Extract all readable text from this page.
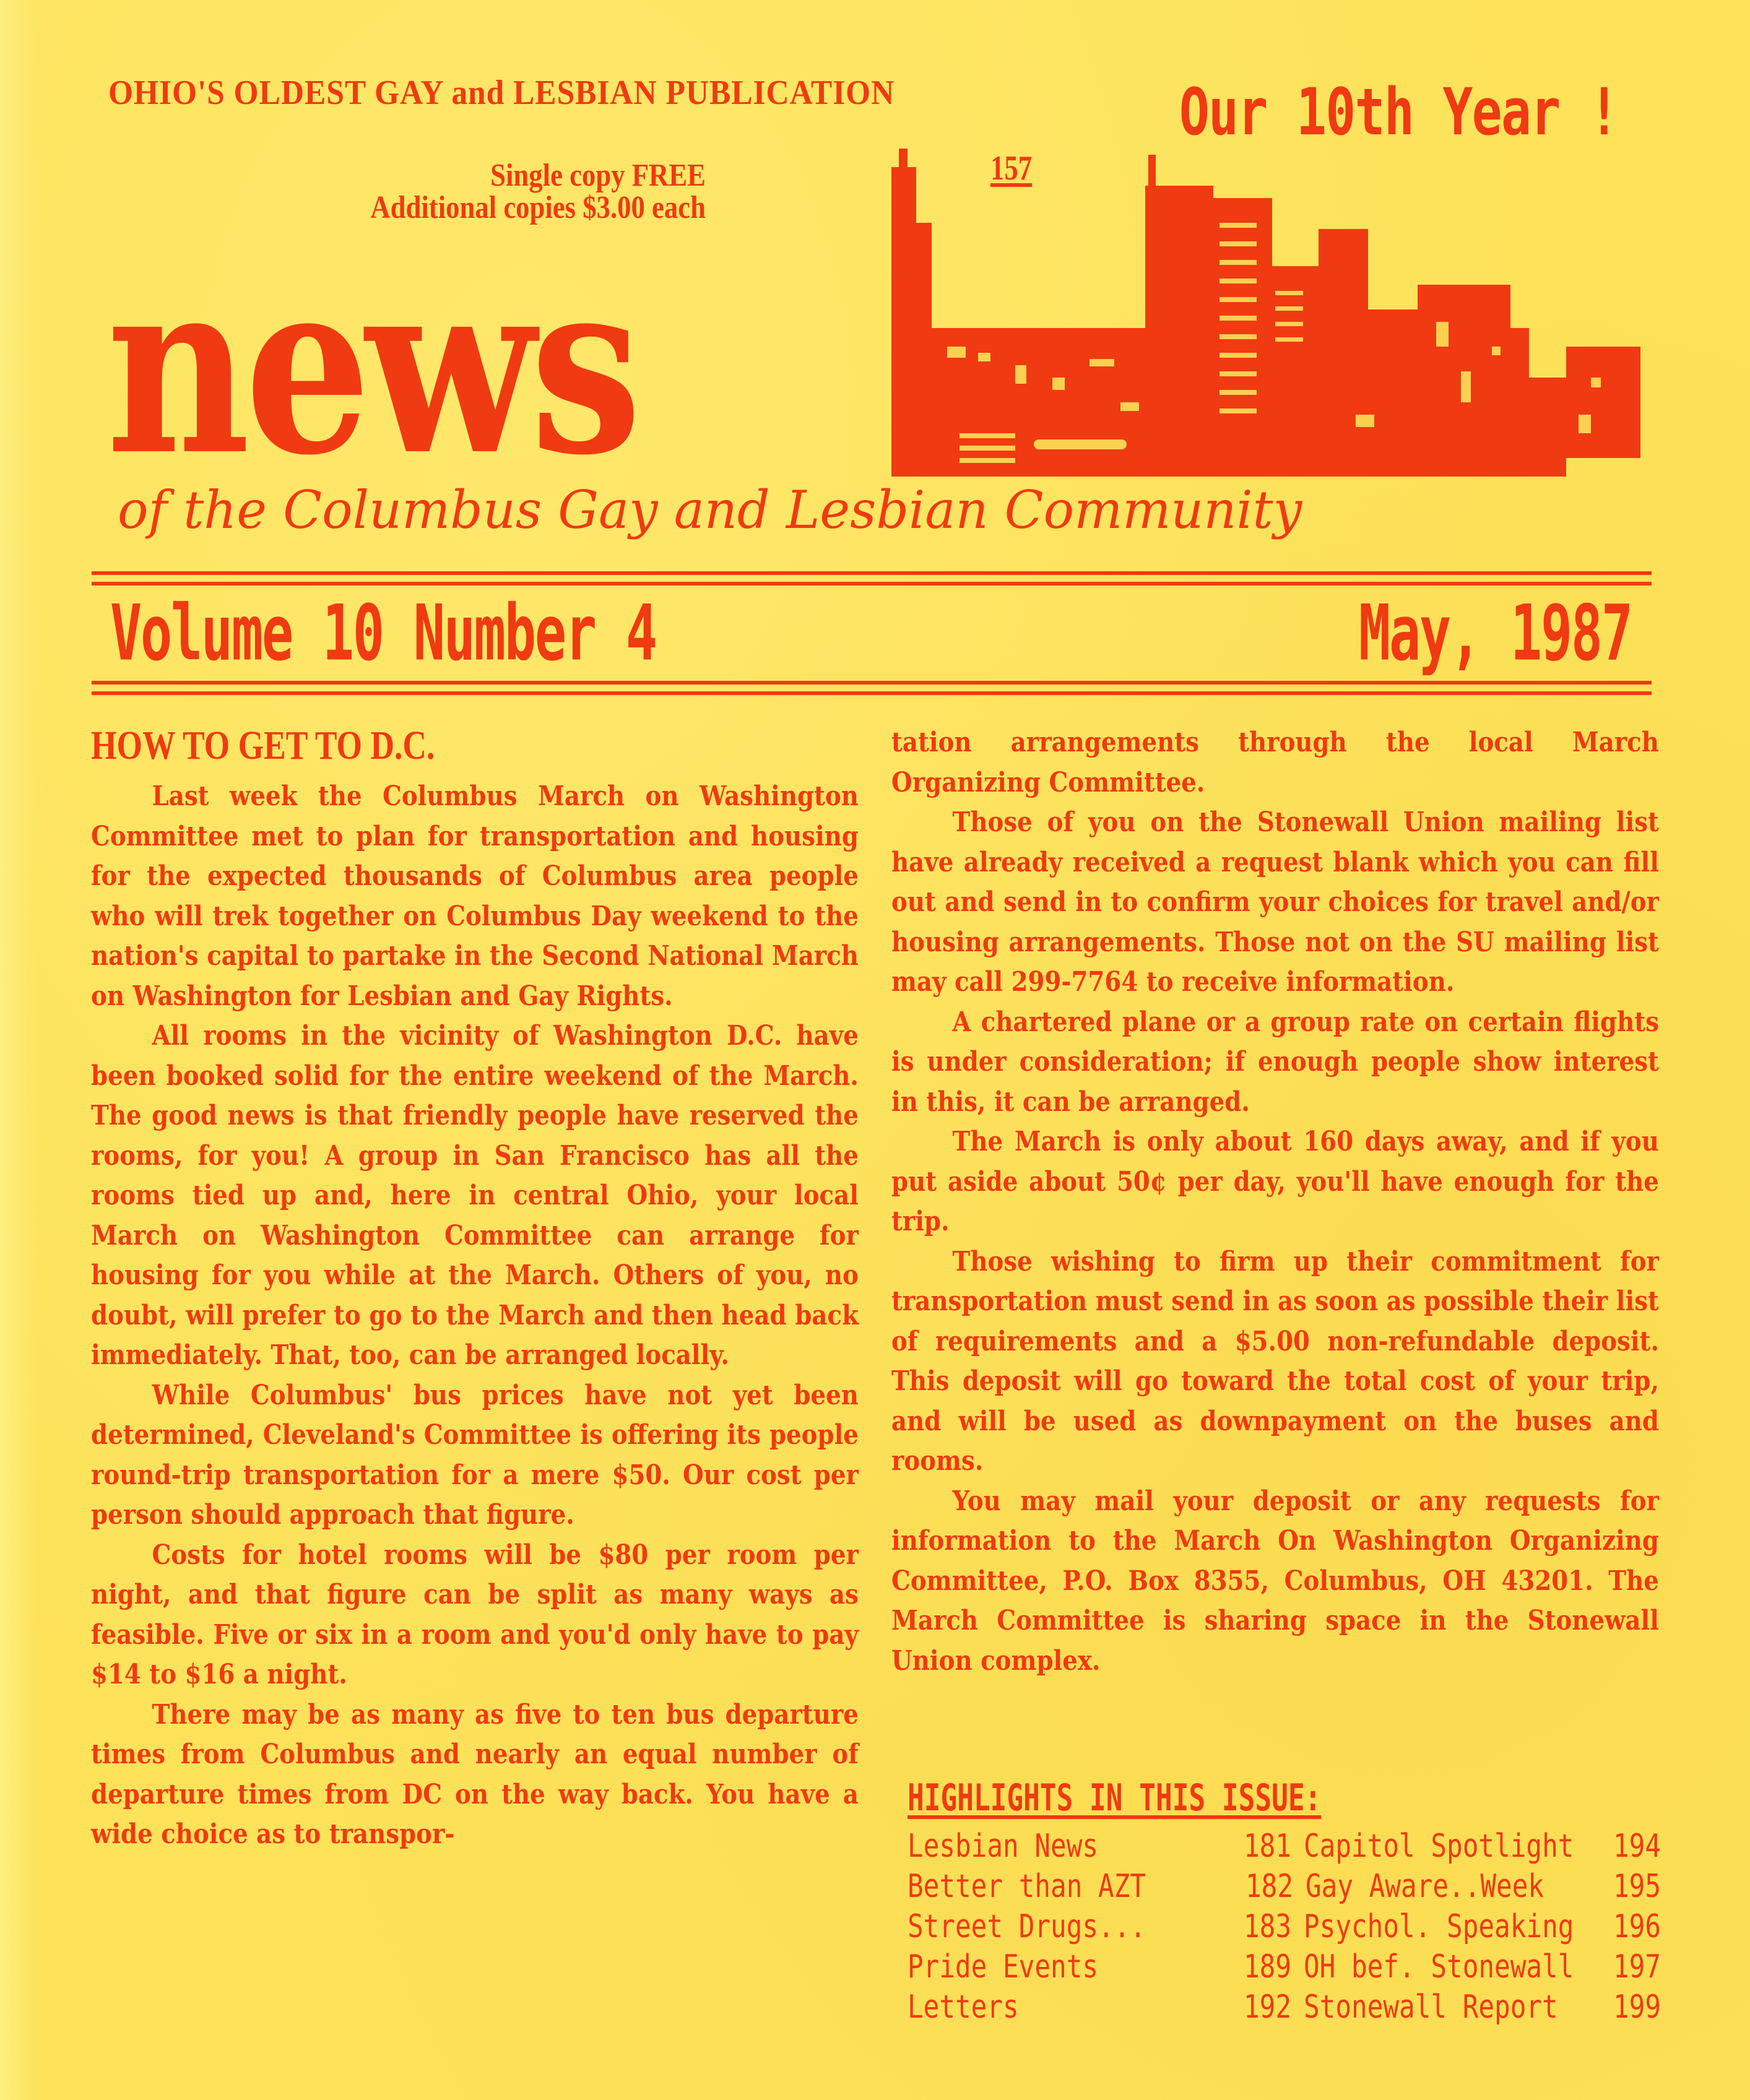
OHIO'S OLDEST GAY and LESBIAN PUBLICATION	Our 10th Year !
Single copy FREE
Additional copies $3.00 each
157
news
of the Columbus Gay and Lesbian Community
Volume 10 Number 4	May, 1987
HOW TO GET TO D.C.

Last week the Columbus March on Washington Committee met to plan for transportation and housing for the expected thousands of Columbus area people who will trek together on Columbus Day weekend to the nation's capital to partake in the Second National March on Washington for Lesbian and Gay Rights.

All rooms in the vicinity of Washington D.C. have been booked solid for the entire weekend of the March. The good news is that friendly people have reserved the rooms, for you! A group in San Francisco has all the rooms tied up and, here in central Ohio, your local March on Washington Committee can arrange for housing for you while at the March. Others of you, no doubt, will prefer to go to the March and then head back immediately. That, too, can be arranged locally.

While Columbus' bus prices have not yet been determined, Cleveland's Committee is offering its people round-trip transportation for a mere $50. Our cost per person should approach that figure.

Costs for hotel rooms will be $80 per room per night, and that figure can be split as many ways as feasible. Five or six in a room and you'd only have to pay $14 to $16 a night.

There may be as many as five to ten bus departure times from Columbus and nearly an equal number of departure times from DC on the way back. You have a wide choice as to transpor-

tation arrangements through the local March Organizing Committee.

Those of you on the Stonewall Union mailing list have already received a request blank which you can fill out and send in to confirm your choices for travel and/or housing arrangements. Those not on the SU mailing list may call 299-7764 to receive information.

A chartered plane or a group rate on certain flights is under consideration; if enough people show interest in this, it can be arranged.

The March is only about 160 days away, and if you put aside about 50¢ per day, you'll have enough for the trip.

Those wishing to firm up their commitment for transportation must send in as soon as possible their list of requirements and a $5.00 non-refundable deposit. This deposit will go toward the total cost of your trip, and will be used as downpayment on the buses and rooms.

You may mail your deposit or any requests for information to the March On Washington Organizing Committee, P.O. Box 8355, Columbus, OH 43201. The March Committee is sharing space in the Stonewall Union complex.

HIGHLIGHTS IN THIS ISSUE:
Lesbian News	181 Capitol Spotlight	194
Better than AZT	182 Gay Aware..Week	195
Street Drugs...	183 Psychol. Speaking	196
Pride Events	189 OH bef. Stonewall	197
Letters	192 Stonewall Report	199
